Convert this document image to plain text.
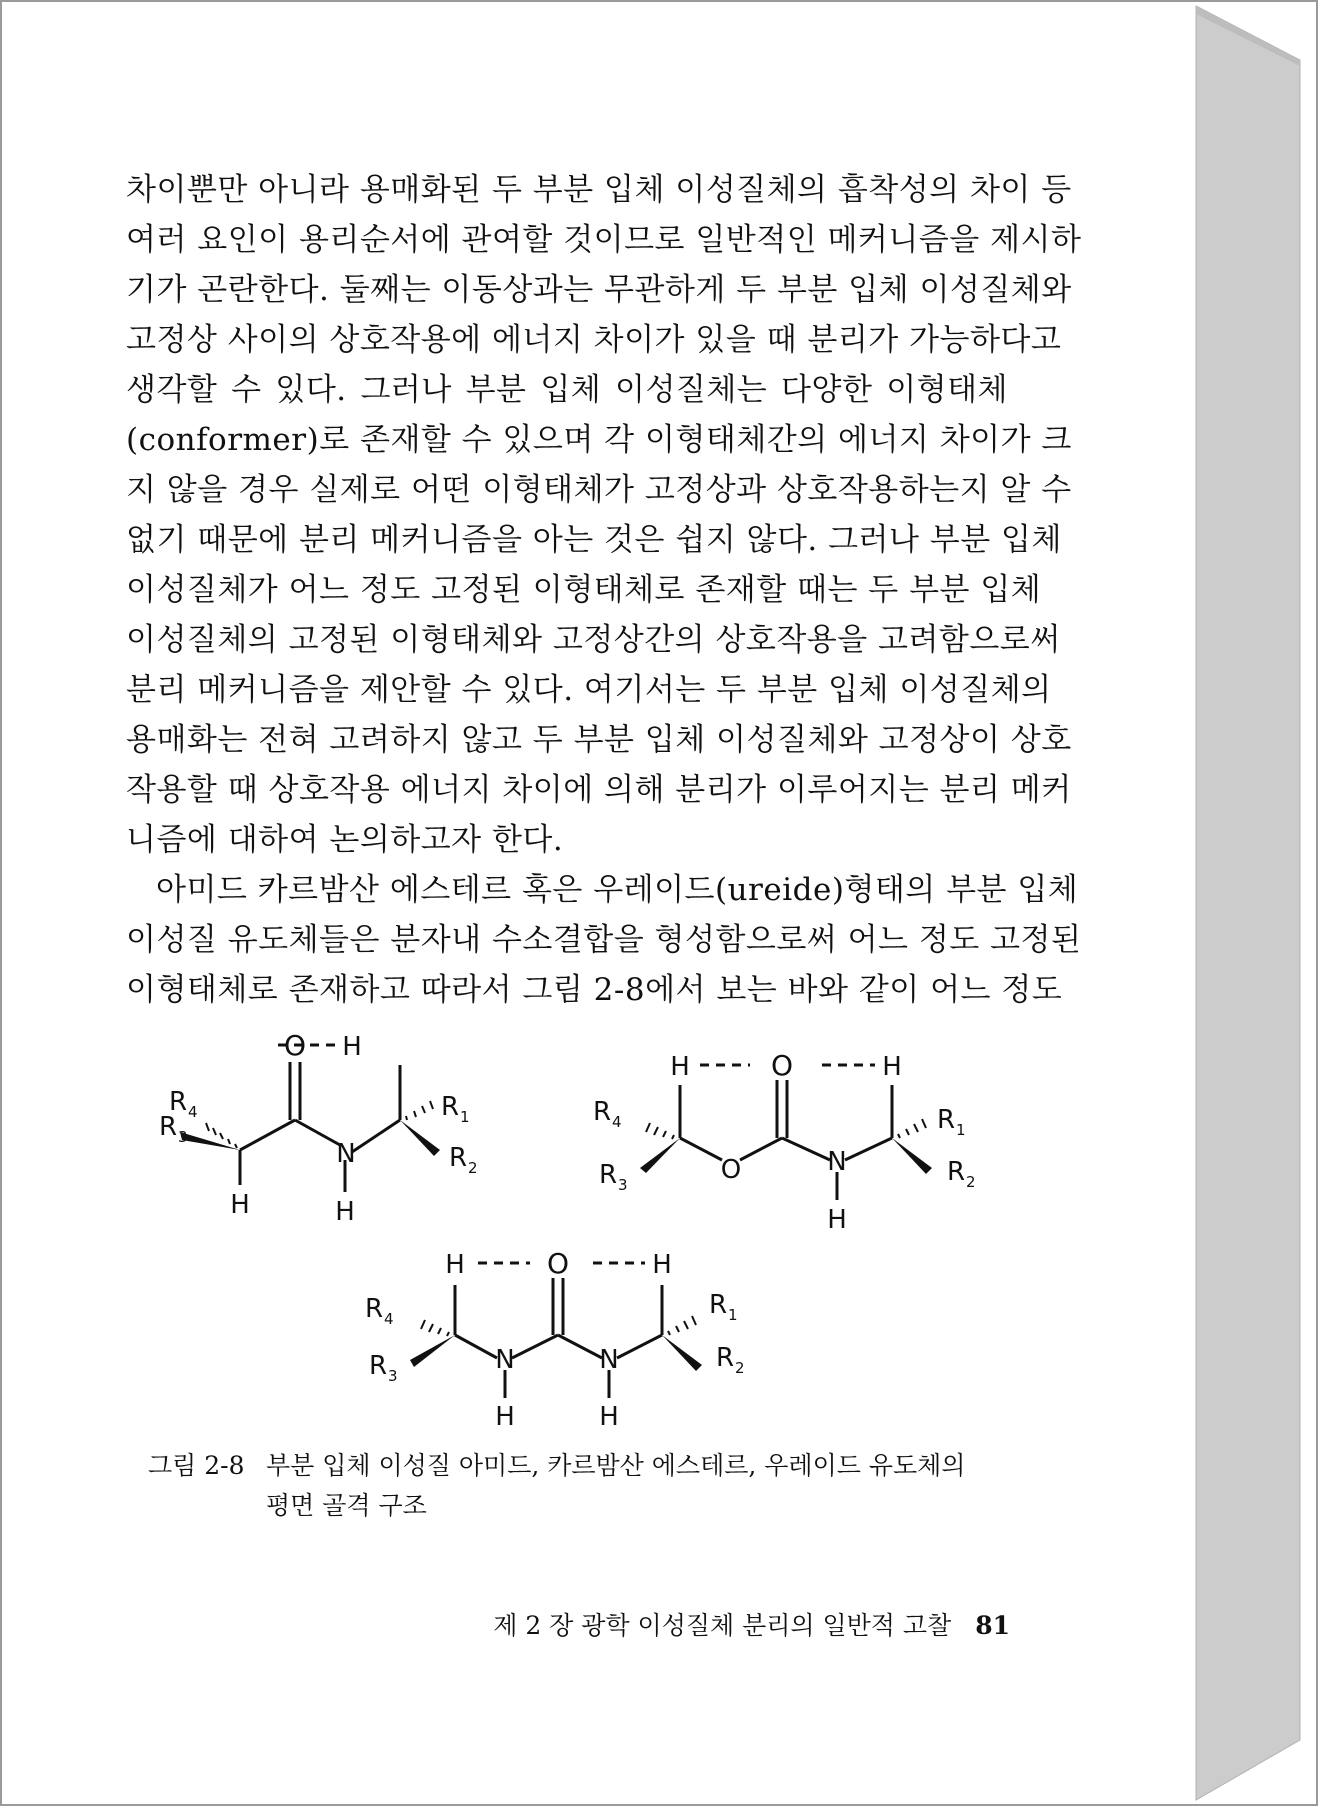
차이뿐만 아니라 용매화된 두 부분 입체 이성질체의 흡착성의 차이 등
여러 요인이 용리순서에 관여할 것이므로 일반적인 메커니즘을 제시하
기가 곤란한다. 둘째는 이동상과는 무관하게 두 부분 입체 이성질체와
고정상 사이의 상호작용에 에너지 차이가 있을 때 분리가 가능하다고
생각할 수 있다. 그러나 부분 입체 이성질체는 다양한 이형태체
(conformer)로 존재할 수 있으며 각 이형태체간의 에너지 차이가 크
지 않을 경우 실제로 어떤 이형태체가 고정상과 상호작용하는지 알 수
없기 때문에 분리 메커니즘을 아는 것은 쉽지 않다. 그러나 부분 입체
이성질체가 어느 정도 고정된 이형태체로 존재할 때는 두 부분 입체
이성질체의 고정된 이형태체와 고정상간의 상호작용을 고려함으로써
분리 메커니즘을 제안할 수 있다. 여기서는 두 부분 입체 이성질체의
용매화는 전혀 고려하지 않고 두 부분 입체 이성질체와 고정상이 상호
작용할 때 상호작용 에너지 차이에 의해 분리가 이루어지는 분리 메커
니즘에 대하여 논의하고자 한다.
아미드 카르밤산 에스테르 혹은 우레이드(ureide)형태의 부분 입체
이성질 유도체들은 분자내 수소결합을 형성함으로써 어느 정도 고정된
이형태체로 존재하고 따라서 그림 2-8에서 보는 바와 같이 어느 정도
O H
N
H	H
R 3
R 4	R 1
R 2
H	O	H
O	N
H
R 4
R 3
R 1
R 2
H	O	H
N	N
H	H
R 4
R 3
R 1
R 2
그림 2-8 부분 입체 이성질 아미드, 카르밤산 에스테르, 우레이드 유도체의
평면 골격 구조
제 2 장 광학 이성질체 분리의 일반적 고찰 81
